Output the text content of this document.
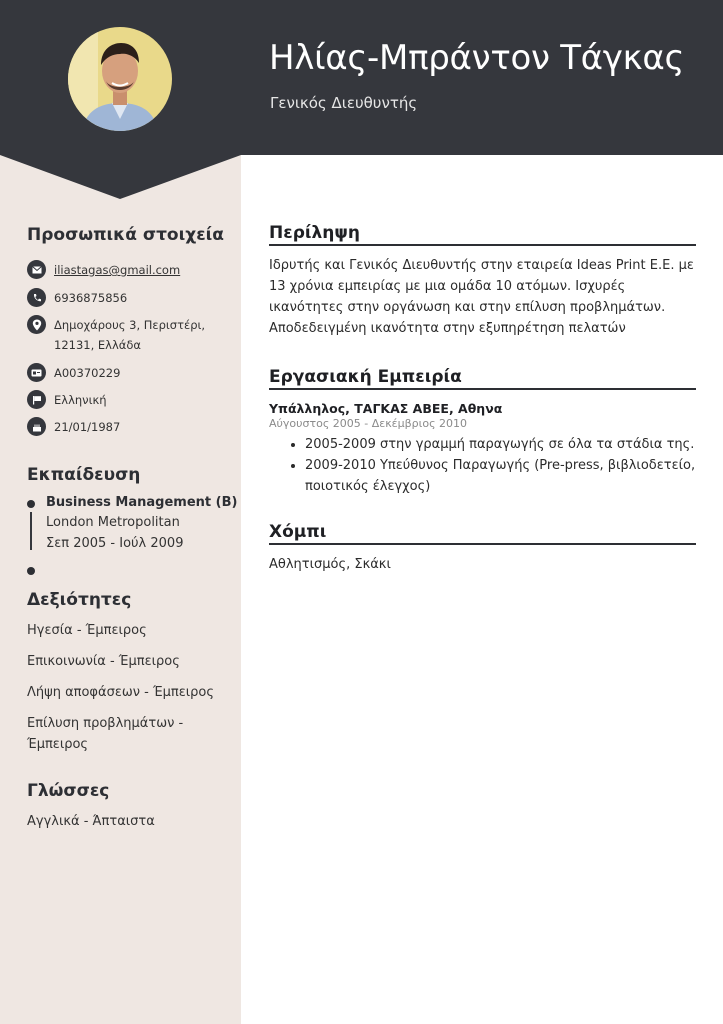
Ηλίας-Μπράντον Τάγκας
Γενικός Διευθυντής
Προσωπικά στοιχεία
iliastagas@gmail.com
6936875856
Δημοχάρους 3, Περιστέρι, 12131, Ελλάδα
A00370229
Ελληνική
21/01/1987
Εκπαίδευση
Business Management (B)
London Metropolitan
Σεπ 2005 - Ιούλ 2009
Δεξιότητες
Ηγεσία - Έμπειρος
Επικοινωνία - Έμπειρος
Λήψη αποφάσεων - Έμπειρος
Επίλυση προβλημάτων - Έμπειρος
Γλώσσες
Αγγλικά - Άπταιστα
Περίληψη
Ιδρυτής και Γενικός Διευθυντής στην εταιρεία Ideas Print E.E. με 13 χρόνια εμπειρίας με μια ομάδα 10 ατόμων. Ισχυρές ικανότητες στην οργάνωση και στην επίλυση προβλημάτων. Αποδεδειγμένη ικανότητα στην εξυπηρέτηση πελατών
Εργασιακή Εμπειρία
Υπάλληλος, ΤΑΓΚΑΣ ΑΒΕΕ, Αθηνα
Αύγουστος 2005 - Δεκέμβριος 2010
• 2005-2009 στην γραμμή παραγωγής σε όλα τα στάδια της.
• 2009-2010 Υπεύθυνος Παραγωγής (Pre-press, βιβλιοδετείο, ποιοτικός έλεγχος)
Χόμπι
Αθλητισμός, Σκάκι
